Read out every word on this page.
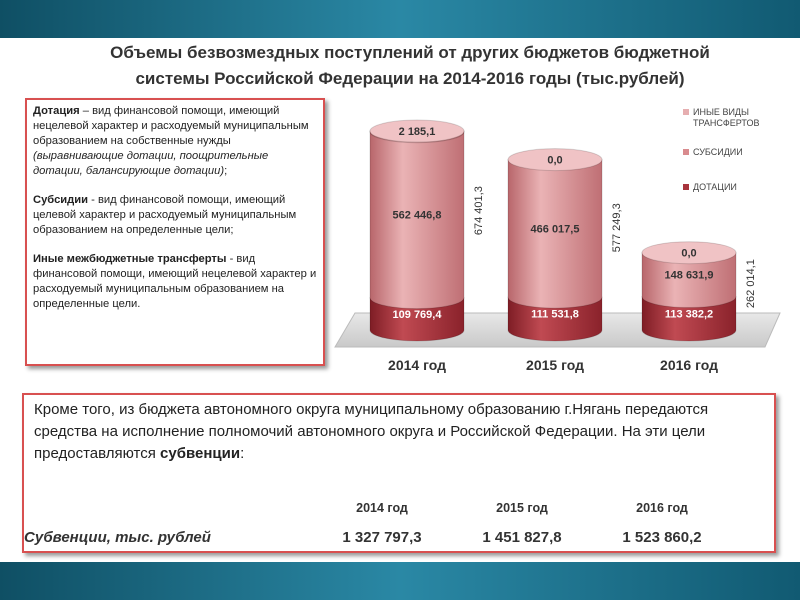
Объемы безвозмездных поступлений от других бюджетов бюджетной
системы Российской Федерации на 2014-2016 годы (тыс.рублей)

Дотация – вид финансовой помощи, имеющий нецелевой характер и расходуемый муниципальным образованием на собственные нужды (выравнивающие дотации, поощрительные дотации, балансирующие дотации);

Субсидии - вид финансовой помощи, имеющий целевой характер и расходуемый муниципальным образованием на определенные цели;

Иные межбюджетные трансферты - вид финансовой помощи, имеющий нецелевой характер и расходуемый муниципальным образованием на определенные цели.

109 769,4
562 446,8
2 185,1
674 401,3
111 531,8
466 017,5
0,0
577 249,3
113 382,2
148 631,9
0,0
262 014,1
ИНЫЕ ВИДЫ ТРАНСФЕРТОВ
СУБСИДИИ
ДОТАЦИИ
2014 год	2015 год	2016 год
Кроме того, из бюджета автономного округа муниципальному образованию г.Нягань передаются средства на исполнение полномочий автономного округа и Российской Федерации. На эти цели предоставляются субвенции:
2014 год	2015 год	2016 год
Субвенции, тыс. рублей	1 327 797,3	1 451 827,8	1 523 860,2
